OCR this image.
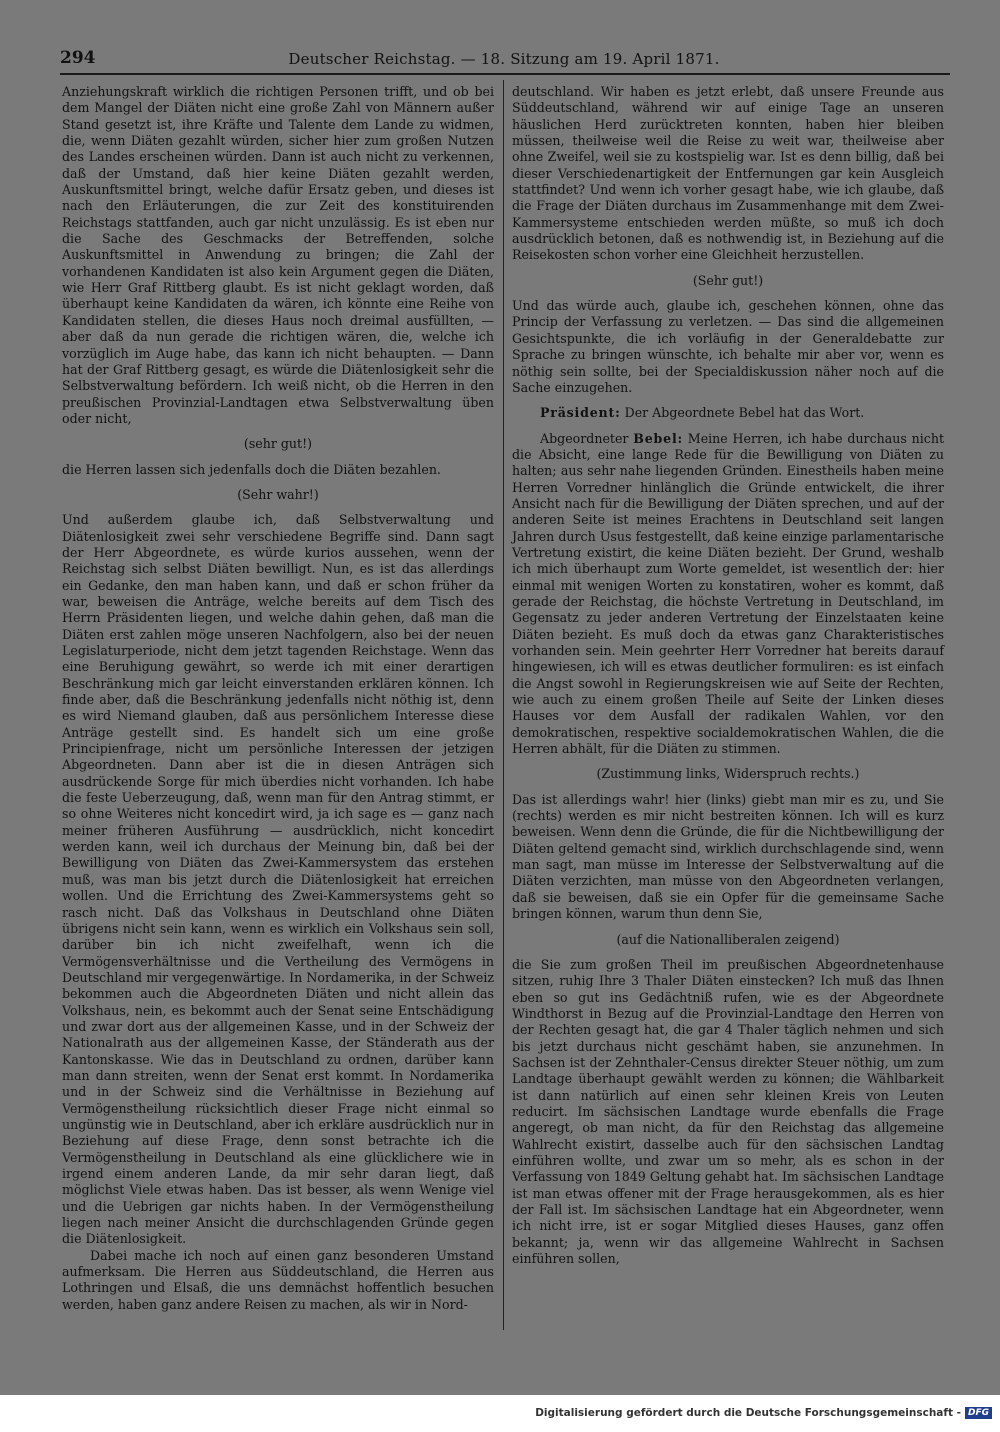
294	Deutscher Reichstag. — 18. Sitzung am 19. April 1871.

Anziehungskraft wirklich die richtigen Personen trifft, und ob bei dem Mangel der Diäten nicht eine große Zahl von Männern außer Stand gesetzt ist, ihre Kräfte und Talente dem Lande zu widmen, die, wenn Diäten gezahlt würden, sicher hier zum großen Nutzen des Landes erscheinen würden. Dann ist auch nicht zu verkennen, daß der Umstand, daß hier keine Diäten gezahlt werden, Auskunftsmittel bringt, welche dafür Ersatz geben, und dieses ist nach den Erläuterungen, die zur Zeit des konstituirenden Reichstags stattfanden, auch gar nicht unzulässig. Es ist eben nur die Sache des Geschmacks der Betreffenden, solche Auskunftsmittel in Anwendung zu bringen; die Zahl der vorhandenen Kandidaten ist also kein Argument gegen die Diäten, wie Herr Graf Rittberg glaubt. Es ist nicht geklagt worden, daß überhaupt keine Kandidaten da wären, ich könnte eine Reihe von Kandidaten stellen, die dieses Haus noch dreimal ausfüllten, — aber daß da nun gerade die richtigen wären, die, welche ich vorzüglich im Auge habe, das kann ich nicht behaupten. — Dann hat der Graf Rittberg gesagt, es würde die Diätenlosigkeit sehr die Selbstverwaltung befördern. Ich weiß nicht, ob die Herren in den preußischen Provinzial-Landtagen etwa Selbstverwaltung üben oder nicht,

(sehr gut!)

die Herren lassen sich jedenfalls doch die Diäten bezahlen.

(Sehr wahr!)

Und außerdem glaube ich, daß Selbstverwaltung und Diätenlosigkeit zwei sehr verschiedene Begriffe sind. Dann sagt der Herr Abgeordnete, es würde kurios aussehen, wenn der Reichstag sich selbst Diäten bewilligt. Nun, es ist das allerdings ein Gedanke, den man haben kann, und daß er schon früher da war, beweisen die Anträge, welche bereits auf dem Tisch des Herrn Präsidenten liegen, und welche dahin gehen, daß man die Diäten erst zahlen möge unseren Nachfolgern, also bei der neuen Legislaturperiode, nicht dem jetzt tagenden Reichstage. Wenn das eine Beruhigung gewährt, so werde ich mit einer derartigen Beschränkung mich gar leicht einverstanden erklären können. Ich finde aber, daß die Beschränkung jedenfalls nicht nöthig ist, denn es wird Niemand glauben, daß aus persönlichem Interesse diese Anträge gestellt sind. Es handelt sich um eine große Principienfrage, nicht um persönliche Interessen der jetzigen Abgeordneten. Dann aber ist die in diesen Anträgen sich ausdrückende Sorge für mich überdies nicht vorhanden. Ich habe die feste Ueberzeugung, daß, wenn man für den Antrag stimmt, er so ohne Weiteres nicht koncedirt wird, ja ich sage es — ganz nach meiner früheren Ausführung — ausdrücklich, nicht koncedirt werden kann, weil ich durchaus der Meinung bin, daß bei der Bewilligung von Diäten das Zwei-Kammersystem das erstehen muß, was man bis jetzt durch die Diätenlosigkeit hat erreichen wollen. Und die Errichtung des Zwei-Kammersystems geht so rasch nicht. Daß das Volkshaus in Deutschland ohne Diäten übrigens nicht sein kann, wenn es wirklich ein Volkshaus sein soll, darüber bin ich nicht zweifelhaft, wenn ich die Vermögensverhältnisse und die Vertheilung des Vermögens in Deutschland mir vergegenwärtige. In Nordamerika, in der Schweiz bekommen auch die Abgeordneten Diäten und nicht allein das Volkshaus, nein, es bekommt auch der Senat seine Entschädigung und zwar dort aus der allgemeinen Kasse, und in der Schweiz der Nationalrath aus der allgemeinen Kasse, der Ständerath aus der Kantonskasse. Wie das in Deutschland zu ordnen, darüber kann man dann streiten, wenn der Senat erst kommt. In Nordamerika und in der Schweiz sind die Verhältnisse in Beziehung auf Vermögenstheilung rücksichtlich dieser Frage nicht einmal so ungünstig wie in Deutschland, aber ich erkläre ausdrücklich nur in Beziehung auf diese Frage, denn sonst betrachte ich die Vermögenstheilung in Deutschland als eine glücklichere wie in irgend einem anderen Lande, da mir sehr daran liegt, daß möglichst Viele etwas haben. Das ist besser, als wenn Wenige viel und die Uebrigen gar nichts haben. In der Vermögenstheilung liegen nach meiner Ansicht die durchschlagenden Gründe gegen die Diätenlosigkeit.

Dabei mache ich noch auf einen ganz besonderen Umstand aufmerksam. Die Herren aus Süddeutschland, die Herren aus Lothringen und Elsaß, die uns demnächst hoffentlich besuchen werden, haben ganz andere Reisen zu machen, als wir in Nord-

deutschland. Wir haben es jetzt erlebt, daß unsere Freunde aus Süddeutschland, während wir auf einige Tage an unseren häuslichen Herd zurücktreten konnten, haben hier bleiben müssen, theilweise weil die Reise zu weit war, theilweise aber ohne Zweifel, weil sie zu kostspielig war. Ist es denn billig, daß bei dieser Verschiedenartigkeit der Entfernungen gar kein Ausgleich stattfindet? Und wenn ich vorher gesagt habe, wie ich glaube, daß die Frage der Diäten durchaus im Zusammenhange mit dem Zwei-Kammersysteme entschieden werden müßte, so muß ich doch ausdrücklich betonen, daß es nothwendig ist, in Beziehung auf die Reisekosten schon vorher eine Gleichheit herzustellen.

(Sehr gut!)

Und das würde auch, glaube ich, geschehen können, ohne das Princip der Verfassung zu verletzen. — Das sind die allgemeinen Gesichtspunkte, die ich vorläufig in der Generaldebatte zur Sprache zu bringen wünschte, ich behalte mir aber vor, wenn es nöthig sein sollte, bei der Specialdiskussion näher noch auf die Sache einzugehen.

Präsident: Der Abgeordnete Bebel hat das Wort.

Abgeordneter Bebel: Meine Herren, ich habe durchaus nicht die Absicht, eine lange Rede für die Bewilligung von Diäten zu halten; aus sehr nahe liegenden Gründen. Einestheils haben meine Herren Vorredner hinlänglich die Gründe entwickelt, die ihrer Ansicht nach für die Bewilligung der Diäten sprechen, und auf der anderen Seite ist meines Erachtens in Deutschland seit langen Jahren durch Usus festgestellt, daß keine einzige parlamentarische Vertretung existirt, die keine Diäten bezieht. Der Grund, weshalb ich mich überhaupt zum Worte gemeldet, ist wesentlich der: hier einmal mit wenigen Worten zu konstatiren, woher es kommt, daß gerade der Reichstag, die höchste Vertretung in Deutschland, im Gegensatz zu jeder anderen Vertretung der Einzelstaaten keine Diäten bezieht. Es muß doch da etwas ganz Charakteristisches vorhanden sein. Mein geehrter Herr Vorredner hat bereits darauf hingewiesen, ich will es etwas deutlicher formuliren: es ist einfach die Angst sowohl in Regierungskreisen wie auf Seite der Rechten, wie auch zu einem großen Theile auf Seite der Linken dieses Hauses vor dem Ausfall der radikalen Wahlen, vor den demokratischen, respektive socialdemokratischen Wahlen, die die Herren abhält, für die Diäten zu stimmen.

(Zustimmung links, Widerspruch rechts.)

Das ist allerdings wahr! hier (links) giebt man mir es zu, und Sie (rechts) werden es mir nicht bestreiten können. Ich will es kurz beweisen. Wenn denn die Gründe, die für die Nichtbewilligung der Diäten geltend gemacht sind, wirklich durchschlagende sind, wenn man sagt, man müsse im Interesse der Selbstverwaltung auf die Diäten verzichten, man müsse von den Abgeordneten verlangen, daß sie beweisen, daß sie ein Opfer für die gemeinsame Sache bringen können, warum thun denn Sie,

(auf die Nationalliberalen zeigend)

die Sie zum großen Theil im preußischen Abgeordnetenhause sitzen, ruhig Ihre 3 Thaler Diäten einstecken? Ich muß das Ihnen eben so gut ins Gedächtniß rufen, wie es der Abgeordnete Windthorst in Bezug auf die Provinzial-Landtage den Herren von der Rechten gesagt hat, die gar 4 Thaler täglich nehmen und sich bis jetzt durchaus nicht geschämt haben, sie anzunehmen. In Sachsen ist der Zehnthaler-Census direkter Steuer nöthig, um zum Landtage überhaupt gewählt werden zu können; die Wählbarkeit ist dann natürlich auf einen sehr kleinen Kreis von Leuten reducirt. Im sächsischen Landtage wurde ebenfalls die Frage angeregt, ob man nicht, da für den Reichstag das allgemeine Wahlrecht existirt, dasselbe auch für den sächsischen Landtag einführen wollte, und zwar um so mehr, als es schon in der Verfassung von 1849 Geltung gehabt hat. Im sächsischen Landtage ist man etwas offener mit der Frage herausgekommen, als es hier der Fall ist. Im sächsischen Landtage hat ein Abgeordneter, wenn ich nicht irre, ist er sogar Mitglied dieses Hauses, ganz offen bekannt; ja, wenn wir das allgemeine Wahlrecht in Sachsen einführen sollen,

Digitalisierung gefördert durch die Deutsche Forschungsgemeinschaft - DFG
